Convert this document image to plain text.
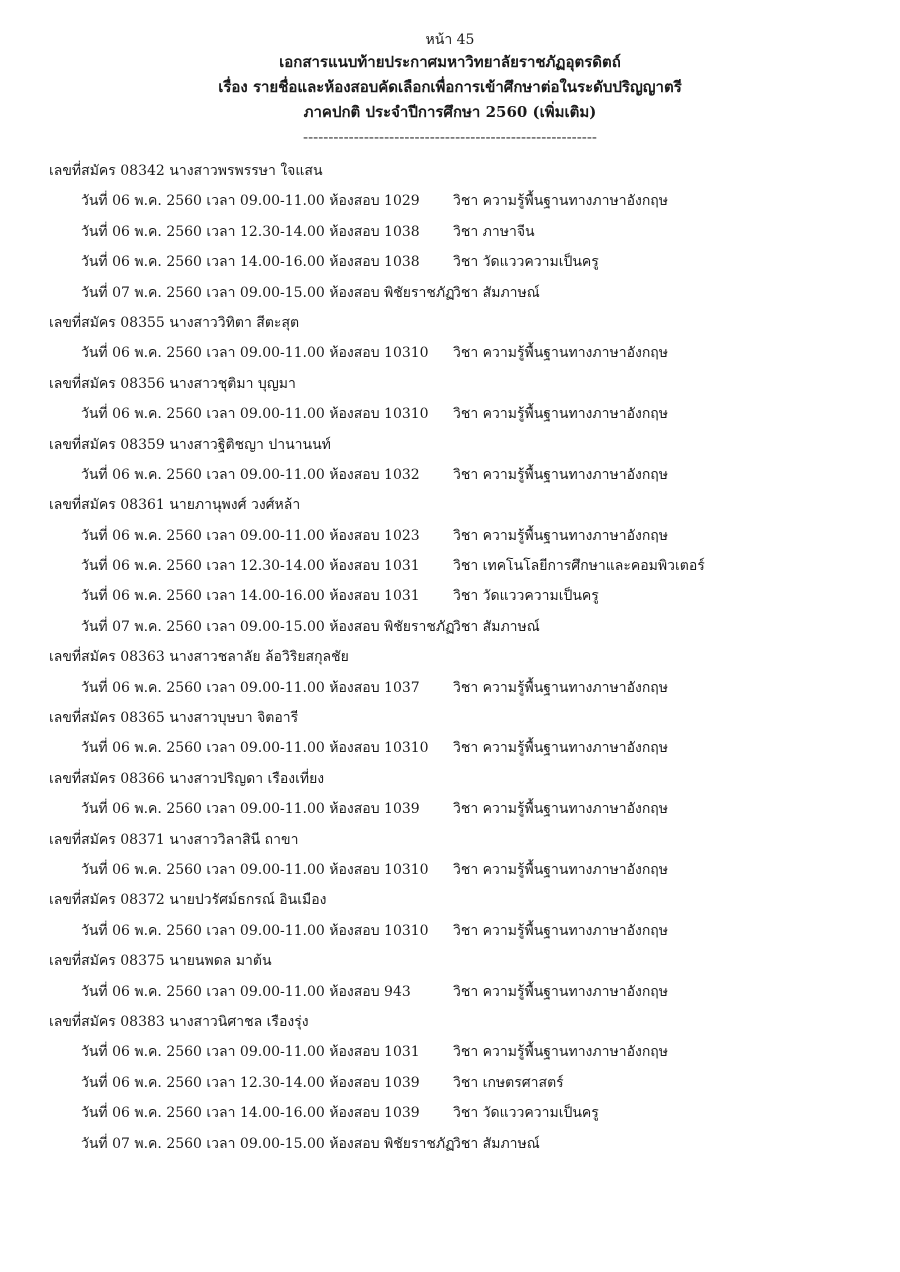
หน้า 45
เอกสารแนบท้ายประกาศมหาวิทยาลัยราชภัฏอุตรดิตถ์
เรื่อง รายชื่อและห้องสอบคัดเลือกเพื่อการเข้าศึกษาต่อในระดับปริญญาตรี
ภาคปกติ ประจำปีการศึกษา 2560 (เพิ่มเติม)
----------------------------------------------------------
เลขที่สมัคร 08342 นางสาวพรพรรษา ใจแสน
วันที่ 06 พ.ค. 2560 เวลา 09.00-11.00 ห้องสอบ 1029 วิชา ความรู้พื้นฐานทางภาษาอังกฤษ
วันที่ 06 พ.ค. 2560 เวลา 12.30-14.00 ห้องสอบ 1038 วิชา ภาษาจีน
วันที่ 06 พ.ค. 2560 เวลา 14.00-16.00 ห้องสอบ 1038 วิชา วัดแววความเป็นครู
วันที่ 07 พ.ค. 2560 เวลา 09.00-15.00 ห้องสอบ พิชัยราชภัฏ
วิชา สัมภาษณ์
เลขที่สมัคร 08355 นางสาววิทิตา สีตะสุต
วันที่ 06 พ.ค. 2560 เวลา 09.00-11.00 ห้องสอบ 10310 วิชา ความรู้พื้นฐานทางภาษาอังกฤษ
เลขที่สมัคร 08356 นางสาวชุติมา บุญมา
วันที่ 06 พ.ค. 2560 เวลา 09.00-11.00 ห้องสอบ 10310 วิชา ความรู้พื้นฐานทางภาษาอังกฤษ
เลขที่สมัคร 08359 นางสาวฐิติชญา ปานานนท์
วันที่ 06 พ.ค. 2560 เวลา 09.00-11.00 ห้องสอบ 1032 วิชา ความรู้พื้นฐานทางภาษาอังกฤษ
เลขที่สมัคร 08361 นายภานุพงศ์ วงศ์หล้า
วันที่ 06 พ.ค. 2560 เวลา 09.00-11.00 ห้องสอบ 1023 วิชา ความรู้พื้นฐานทางภาษาอังกฤษ
วันที่ 06 พ.ค. 2560 เวลา 12.30-14.00 ห้องสอบ 1031 วิชา เทคโนโลยีการศึกษาและคอมพิวเตอร์
วันที่ 06 พ.ค. 2560 เวลา 14.00-16.00 ห้องสอบ 1031 วิชา วัดแววความเป็นครู
วันที่ 07 พ.ค. 2560 เวลา 09.00-15.00 ห้องสอบ พิชัยราชภัฏ
วิชา สัมภาษณ์
เลขที่สมัคร 08363 นางสาวชลาลัย ล้อวิริยสกุลชัย
วันที่ 06 พ.ค. 2560 เวลา 09.00-11.00 ห้องสอบ 1037 วิชา ความรู้พื้นฐานทางภาษาอังกฤษ
เลขที่สมัคร 08365 นางสาวบุษบา จิตอารี
วันที่ 06 พ.ค. 2560 เวลา 09.00-11.00 ห้องสอบ 10310 วิชา ความรู้พื้นฐานทางภาษาอังกฤษ
เลขที่สมัคร 08366 นางสาวปริญดา เรืองเที่ยง
วันที่ 06 พ.ค. 2560 เวลา 09.00-11.00 ห้องสอบ 1039 วิชา ความรู้พื้นฐานทางภาษาอังกฤษ
เลขที่สมัคร 08371 นางสาววิลาสินี ถาขา
วันที่ 06 พ.ค. 2560 เวลา 09.00-11.00 ห้องสอบ 10310 วิชา ความรู้พื้นฐานทางภาษาอังกฤษ
เลขที่สมัคร 08372 นายปวรัศม์ธกรณ์ อินเมือง
วันที่ 06 พ.ค. 2560 เวลา 09.00-11.00 ห้องสอบ 10310 วิชา ความรู้พื้นฐานทางภาษาอังกฤษ
เลขที่สมัคร 08375 นายนพดล มาต้น
วันที่ 06 พ.ค. 2560 เวลา 09.00-11.00 ห้องสอบ 943	วิชา ความรู้พื้นฐานทางภาษาอังกฤษ
เลขที่สมัคร 08383 นางสาวนิศาชล เรืองรุ่ง
วันที่ 06 พ.ค. 2560 เวลา 09.00-11.00 ห้องสอบ 1031 วิชา ความรู้พื้นฐานทางภาษาอังกฤษ
วันที่ 06 พ.ค. 2560 เวลา 12.30-14.00 ห้องสอบ 1039 วิชา เกษตรศาสตร์
วันที่ 06 พ.ค. 2560 เวลา 14.00-16.00 ห้องสอบ 1039 วิชา วัดแววความเป็นครู
วันที่ 07 พ.ค. 2560 เวลา 09.00-15.00 ห้องสอบ พิชัยราชภัฏ
วิชา สัมภาษณ์
